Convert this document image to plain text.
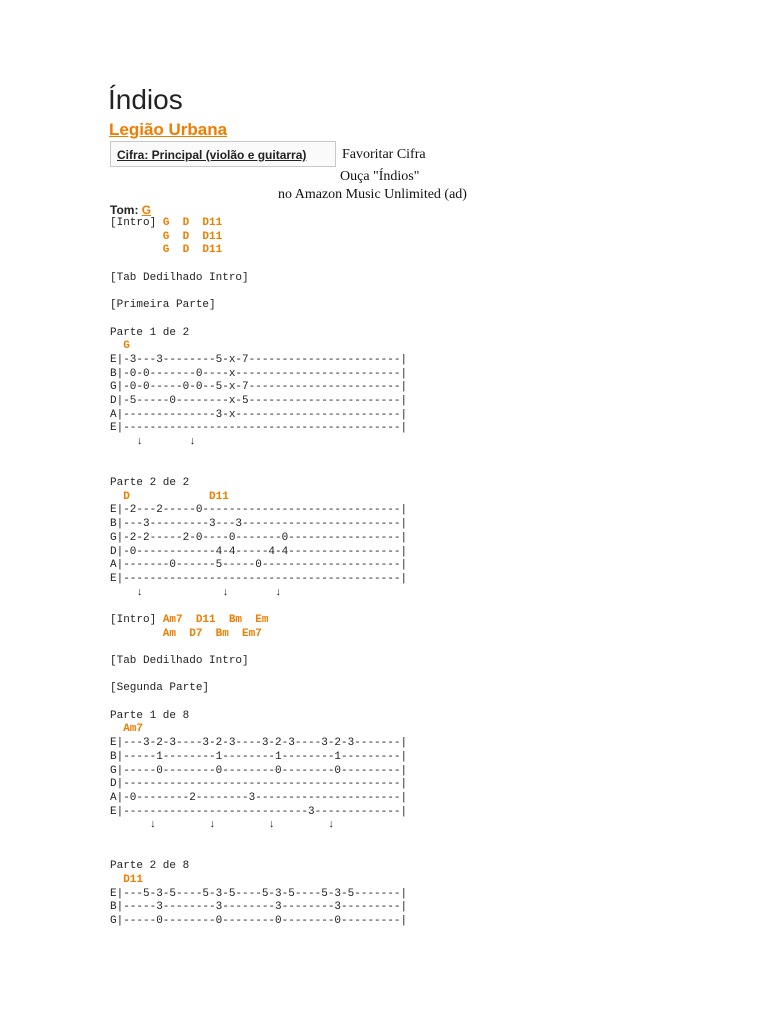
Índios
Legião Urbana
Cifra: Principal (violão e guitarra)	Favoritar Cifra
Ouça "Índios"
no Amazon Music Unlimited (ad)
Tom: G
[Intro] G  D  D11
G  D  D11
G  D  D11

[Tab Dedilhado Intro]

[Primeira Parte]

Parte 1 de 2
G
E|-3---3--------5-x-7-----------------------|
B|-0-0-------0----x-------------------------|
G|-0-0-----0-0--5-x-7-----------------------|
D|-5-----0--------x-5-----------------------|
A|--------------3-x-------------------------|
E|------------------------------------------|
↓       ↓

Parte 2 de 2
D            D11
E|-2---2-----0------------------------------|
B|---3---------3---3------------------------|
G|-2-2-----2-0----0-------0-----------------|
D|-0------------4-4-----4-4-----------------|
A|-------0------5-----0---------------------|
E|------------------------------------------|
↓            ↓       ↓

[Intro] Am7  D11  Bm  Em
Am  D7  Bm  Em7

[Tab Dedilhado Intro]

[Segunda Parte]

Parte 1 de 8
Am7
E|---3-2-3----3-2-3----3-2-3----3-2-3-------|
B|-----1--------1--------1--------1---------|
G|-----0--------0--------0--------0---------|
D|------------------------------------------|
A|-0--------2--------3----------------------|
E|----------------------------3-------------|
↓        ↓        ↓        ↓

Parte 2 de 8
D11
E|---5-3-5----5-3-5----5-3-5----5-3-5-------|
B|-----3--------3--------3--------3---------|
G|-----0--------0--------0--------0---------|
